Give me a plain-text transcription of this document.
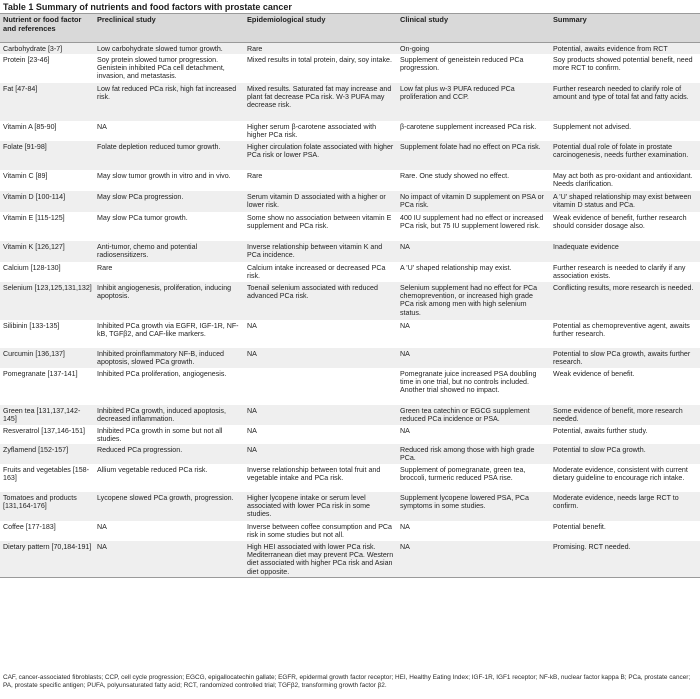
Table 1 Summary of nutrients and food factors with prostate cancer
Nutrient or food factor and references	Preclinical study	Epidemiological study	Clinical study	Summary
Carbohydrate [3-7]	Low carbohydrate slowed tumor growth.	Rare	On-going	Potential, awaits evidence from RCT
Protein [23-46]	Soy protein slowed tumor progression. Genistein inhibited PCa cell detachment, invasion, and metastasis.	Mixed results in total protein, dairy, soy intake.	Supplement of geneistein reduced PCa progression.	Soy products showed potential benefit, need more RCT to confirm.
Fat [47-84]	Low fat reduced PCa risk, high fat increased risk.	Mixed results. Saturated fat may increase and plant fat decrease PCa risk. W-3 PUFA may decrease risk.	Low fat plus w-3 PUFA reduced PCa proliferation and CCP.	Further research needed to clarify role of amount and type of total fat and fatty acids.
Vitamin A [85-90]	NA	Higher serum β-carotene associated with higher PCa risk.	β-carotene supplement increased PCa risk.	Supplement not advised.
Folate [91-98]	Folate depletion reduced tumor growth.	Higher circulation folate associated with higher PCa risk or lower PSA.	Supplement folate had no effect on PCa risk.	Potential dual role of folate in prostate carcinogenesis, needs further examination.
Vitamin C [89]	May slow tumor growth in vitro and in vivo.	Rare	Rare. One study showed no effect.	May act both as pro-oxidant and antioxidant. Needs clarification.
Vitamin D [100-114]	May slow PCa progression.	Serum vitamin D associated with a higher or lower risk.	No impact of vitamin D supplement on PSA or PCa risk.	A 'U' shaped relationship may exist between vitamin D status and PCa.
Vitamin E [115-125]	May slow PCa tumor growth.	Some show no association between vitamin E supplement and PCa risk.	400 IU supplement had no effect or increased PCa risk, but 75 IU supplement lowered risk.	Weak evidence of benefit, further research should consider dosage also.
Vitamin K [126,127]	Anti-tumor, chemo and potential radiosensitizers.	Inverse relationship between vitamin K and PCa incidence.	NA	Inadequate evidence
Calcium [128-130]	Rare	Calcium intake increased or decreased PCa risk.	A 'U' shaped relationship may exist.	Further research is needed to clarify if any association exists.
Selenium [123,125,131,132]	Inhibit angiogenesis, proliferation, inducing apoptosis.	Toenail selenium associated with reduced advanced PCa risk.	Selenium supplement had no effect for PCa chemoprevention, or increased high grade PCa risk among men with high selenium status.	Conflicting results, more research is needed.
Silibinin [133-135]	Inhibited PCa growth via EGFR, IGF-1R, NF-kB, TGFβ2, and CAF-like markers.	NA	NA	Potential as chemopreventive agent, awaits further research.
Curcumin [136,137]	Inhibited proinflammatory NF-B, induced apoptosis, slowed PCa growth.	NA	NA	Potential to slow PCa growth, awaits further research.
Pomegranate [137-141]	Inhibited PCa proliferation, angiogenesis.		Pomegranate juice increased PSA doubling time in one trial, but no controls included. Another trial showed no impact.	Weak evidence of benefit.
Green tea [131,137,142-145]	Inhibited PCa growth, induced apoptosis, decreased inflammation.	NA	Green tea catechin or EGCG supplement reduced PCa incidence or PSA.	Some evidence of benefit, more research needed.
Resveratrol [137,146-151]	Inhibited PCa growth in some but not all studies.	NA	NA	Potential, awaits further study.
Zyflamend [152-157]	Reduced PCa progression.	NA	Reduced risk among those with high grade PCa.	Potential to slow PCa growth.
Fruits and vegetables [158-163]	Allium vegetable reduced PCa risk.	Inverse relationship between total fruit and vegetable intake and PCa risk.	Supplement of pomegranate, green tea, broccoli, turmeric reduced PSA rise.	Moderate evidence, consistent with current dietary guideline to encourage rich intake.
Tomatoes and products [131,164-176]	Lycopene slowed PCa growth, progression.	Higher lycopene intake or serum level associated with lower PCa risk in some studies.	Supplement lycopene lowered PSA, PCa symptoms in some studies.	Moderate evidence, needs large RCT to confirm.
Coffee [177-183]	NA	Inverse between coffee consumption and PCa risk in some studies but not all.	NA	Potential benefit.
Dietary pattern [70,184-191]	NA	High HEI associated with lower PCa risk. Mediterranean diet may prevent PCa. Western diet associated with higher PCa risk and Asian diet opposite.	NA	Promising. RCT needed.
CAF, cancer-associated fibroblasts; CCP, cell cycle progression; EGCG, epigallocatechin gallate; EGFR, epidermal growth factor receptor; HEI, Healthy Eating Index; IGF-1R, IGF1 receptor; NF-kB, nuclear factor kappa B; PCa, prostate cancer; PA, prostate specific antigen; PUFA, polyunsaturated fatty acid; RCT, randomized controlled trial; TGFβ2, transforming growth factor β2.
